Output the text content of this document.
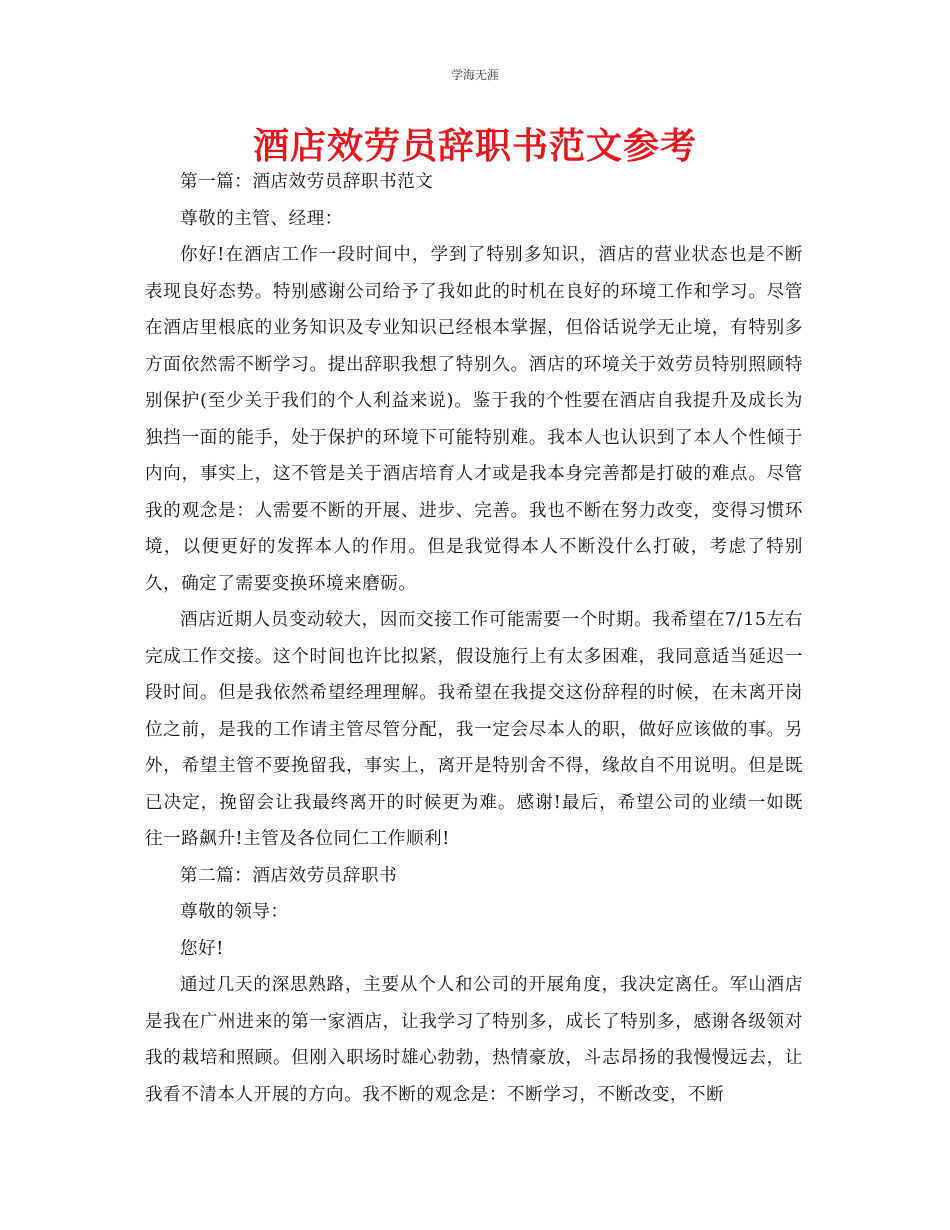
学海无涯
酒店效劳员辞职书范文参考

第一篇：酒店效劳员辞职书范文

尊敬的主管、经理：

你好!在酒店工作一段时间中，学到了特别多知识，酒店的营业状态也是不断表现良好态势。特别感谢公司给予了我如此的时机在良好的环境工作和学习。尽管在酒店里根底的业务知识及专业知识已经根本掌握，但俗话说学无止境，有特别多方面依然需不断学习。提出辞职我想了特别久。酒店的环境关于效劳员特别照顾特别保护(至少关于我们的个人利益来说)。鉴于我的个性要在酒店自我提升及成长为独挡一面的能手，处于保护的环境下可能特别难。我本人也认识到了本人个性倾于内向，事实上，这不管是关于酒店培育人才或是我本身完善都是打破的难点。尽管我的观念是：人需要不断的开展、进步、完善。我也不断在努力改变，变得习惯环境，以便更好的发挥本人的作用。但是我觉得本人不断没什么打破，考虑了特别久，确定了需要变换环境来磨砺。

酒店近期人员变动较大，因而交接工作可能需要一个时期。我希望在7/15左右完成工作交接。这个时间也许比拟紧，假设施行上有太多困难，我同意适当延迟一段时间。但是我依然希望经理理解。我希望在我提交这份辞程的时候，在未离开岗位之前，是我的工作请主管尽管分配，我一定会尽本人的职，做好应该做的事。另外，希望主管不要挽留我，事实上，离开是特别舍不得，缘故自不用说明。但是既已决定，挽留会让我最终离开的时候更为难。感谢!最后，希望公司的业绩一如既往一路飙升!主管及各位同仁工作顺利!

第二篇：酒店效劳员辞职书

尊敬的领导：

您好!

通过几天的深思熟路，主要从个人和公司的开展角度，我决定离任。军山酒店是我在广州进来的第一家酒店，让我学习了特别多，成长了特别多，感谢各级领对我的栽培和照顾。但刚入职场时雄心勃勃，热情豪放，斗志昂扬的我慢慢远去，让我看不清本人开展的方向。我不断的观念是：不断学习，不断改变，不断
